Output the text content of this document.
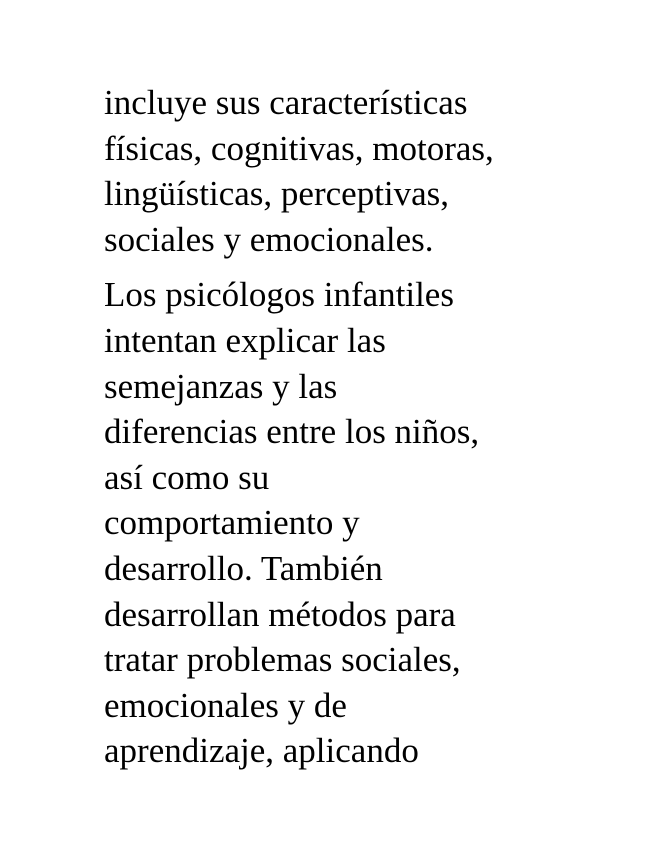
incluye sus características
físicas, cognitivas, motoras,
lingüísticas, perceptivas,
sociales y emocionales.
Los psicólogos infantiles
intentan explicar las
semejanzas y las
diferencias entre los niños,
así como su
comportamiento y
desarrollo. También
desarrollan métodos para
tratar problemas sociales,
emocionales y de
aprendizaje, aplicando
